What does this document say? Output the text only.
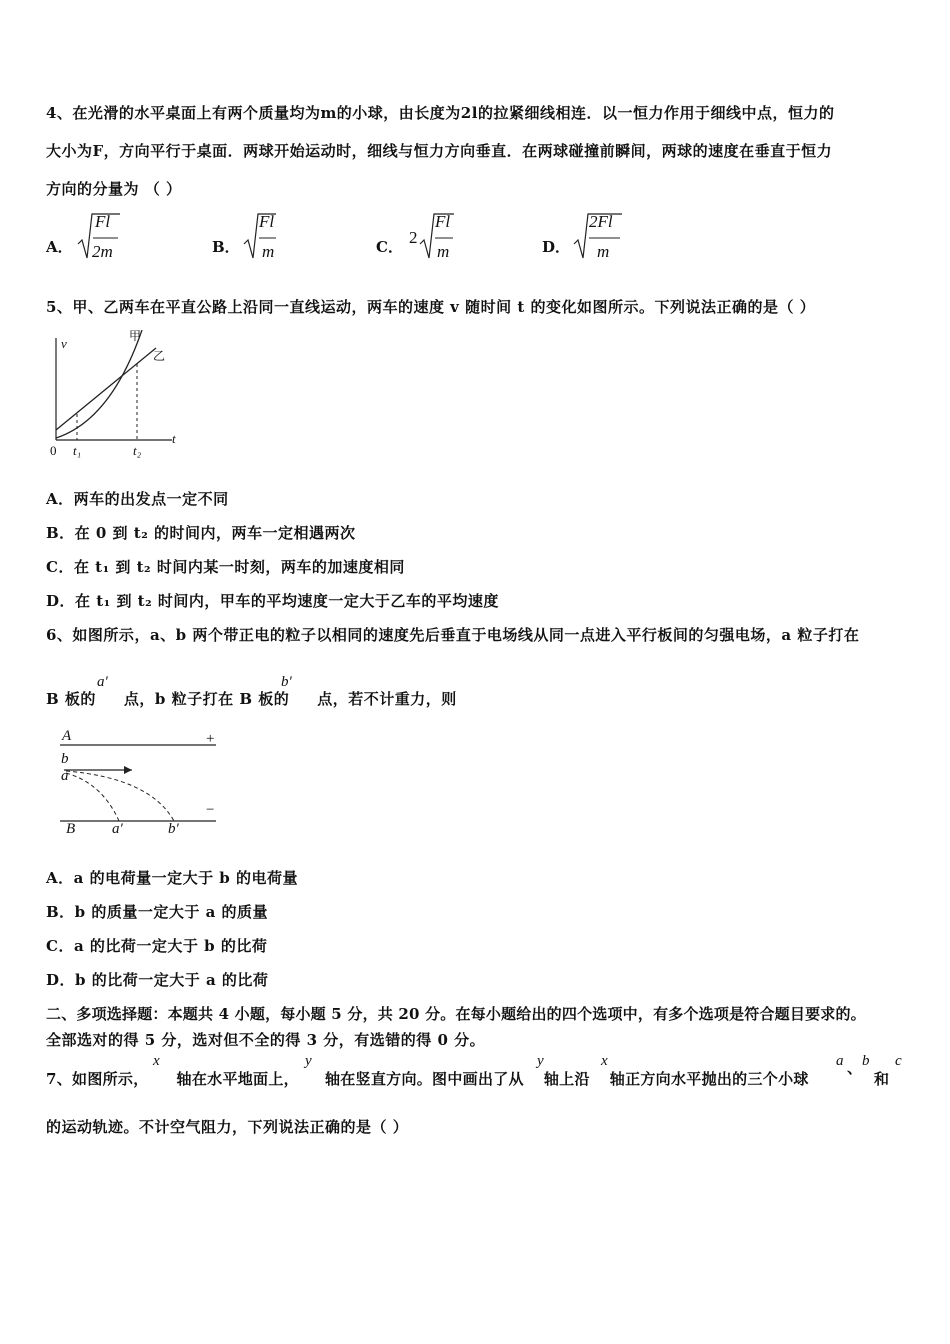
4、在光滑的水平桌面上有两个质量均为m的小球，由长度为2l的拉紧细线相连．以一恒力作用于细线中点，恒力的
大小为F，方向平行于桌面．两球开始运动时，细线与恒力方向垂直．在两球碰撞前瞬间，两球的速度在垂直于恒力
方向的分量为 （ ）
A．
Fl
2m	B．
Fl
m	C． 2
Fl
m	D．
2Fl
m
5、甲、乙两车在平直公路上沿同一直线运动，两车的速度 v 随时间 t 的变化如图所示。下列说法正确的是（ ）
v
t
0 t₁	t₂
甲
乙
A．两车的出发点一定不同
B．在 0 到 t₂ 的时间内，两车一定相遇两次
C．在 t₁ 到 t₂ 时间内某一时刻，两车的加速度相同
D．在 t₁ 到 t₂ 时间内，甲车的平均速度一定大于乙车的平均速度
6、如图所示，a、b 两个带正电的粒子以相同的速度先后垂直于电场线从同一点进入平行板间的匀强电场，a 粒子打在
B 板的 点，b 粒子打在 B 板的 点，若不计重力，则
a'	b'
A	+
b
a
−
B a′	b′
A．a 的电荷量一定大于 b 的电荷量
B．b 的质量一定大于 a 的质量
C．a 的比荷一定大于 b 的比荷
D．b 的比荷一定大于 a 的比荷
二、多项选择题：本题共 4 小题，每小题 5 分，共 20 分。在每小题给出的四个选项中，有多个选项是符合题目要求的。
全部选对的得 5 分，选对但不全的得 3 分，有选错的得 0 分。
7、如图所示， 轴在水平地面上， 轴在竖直方向。图中画出了从 轴上沿 轴正方向水平抛出的三个小球
x	y	y	x	a 、 b
和
c
的运动轨迹。不计空气阻力，下列说法正确的是（ ）
